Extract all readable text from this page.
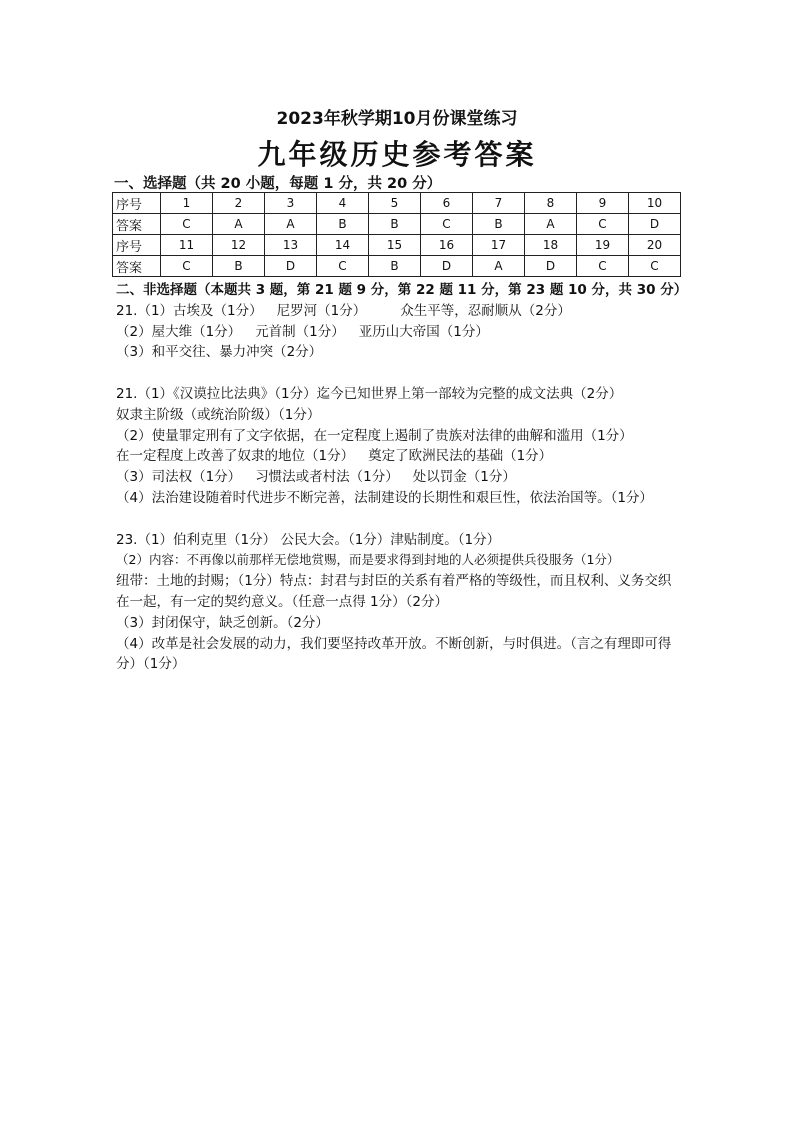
2023年秋学期10月份课堂练习
九年级历史参考答案
一、选择题（共 20 小题，每题 1 分，共 20 分）
序号	1	2	3	4	5	6	7	8	9	10
答案	C	A	A	B	B	C	B	A	C	D
序号	11	12	13	14	15	16	17	18	19	20
答案	C	B	D	C	B	D	A	D	C	C

二、非选择题（本题共 3 题，第 21 题 9 分，第 22 题 11 分，第 23 题 10 分，共 30 分）

21.（1）古埃及（1分） 尼罗河（1分）	众生平等，忍耐顺从（2分）

（2）屋大维（1分） 元首制（1分） 亚历山大帝国（1分）

（3）和平交往、暴力冲突（2分）

21.（1）《汉谟拉比法典》（1分）迄今已知世界上第一部较为完整的成文法典（2分）

奴隶主阶级（或统治阶级）（1分）

（2）使量罪定刑有了文字依据，在一定程度上遏制了贵族对法律的曲解和滥用（1分）

在一定程度上改善了奴隶的地位（1分） 奠定了欧洲民法的基础（1分）

（3）司法权（1分） 习惯法或者村法（1分） 处以罚金（1分）

（4）法治建设随着时代进步不断完善，法制建设的长期性和艰巨性，依法治国等。（1分）

23.（1）伯利克里（1分） 公民大会。（1分）津贴制度。（1分）

（2）内容：不再像以前那样无偿地赏赐，而是要求得到封地的人必须提供兵役服务（1分）

纽带：土地的封赐；（1分）特点：封君与封臣的关系有着严格的等级性，而且权利、义务交织在一起，有一定的契约意义。（任意一点得 1分）（2分）

（3）封闭保守，缺乏创新。（2分）

（4）改革是社会发展的动力，我们要坚持改革开放。不断创新，与时俱进。（言之有理即可得分）（1分）
